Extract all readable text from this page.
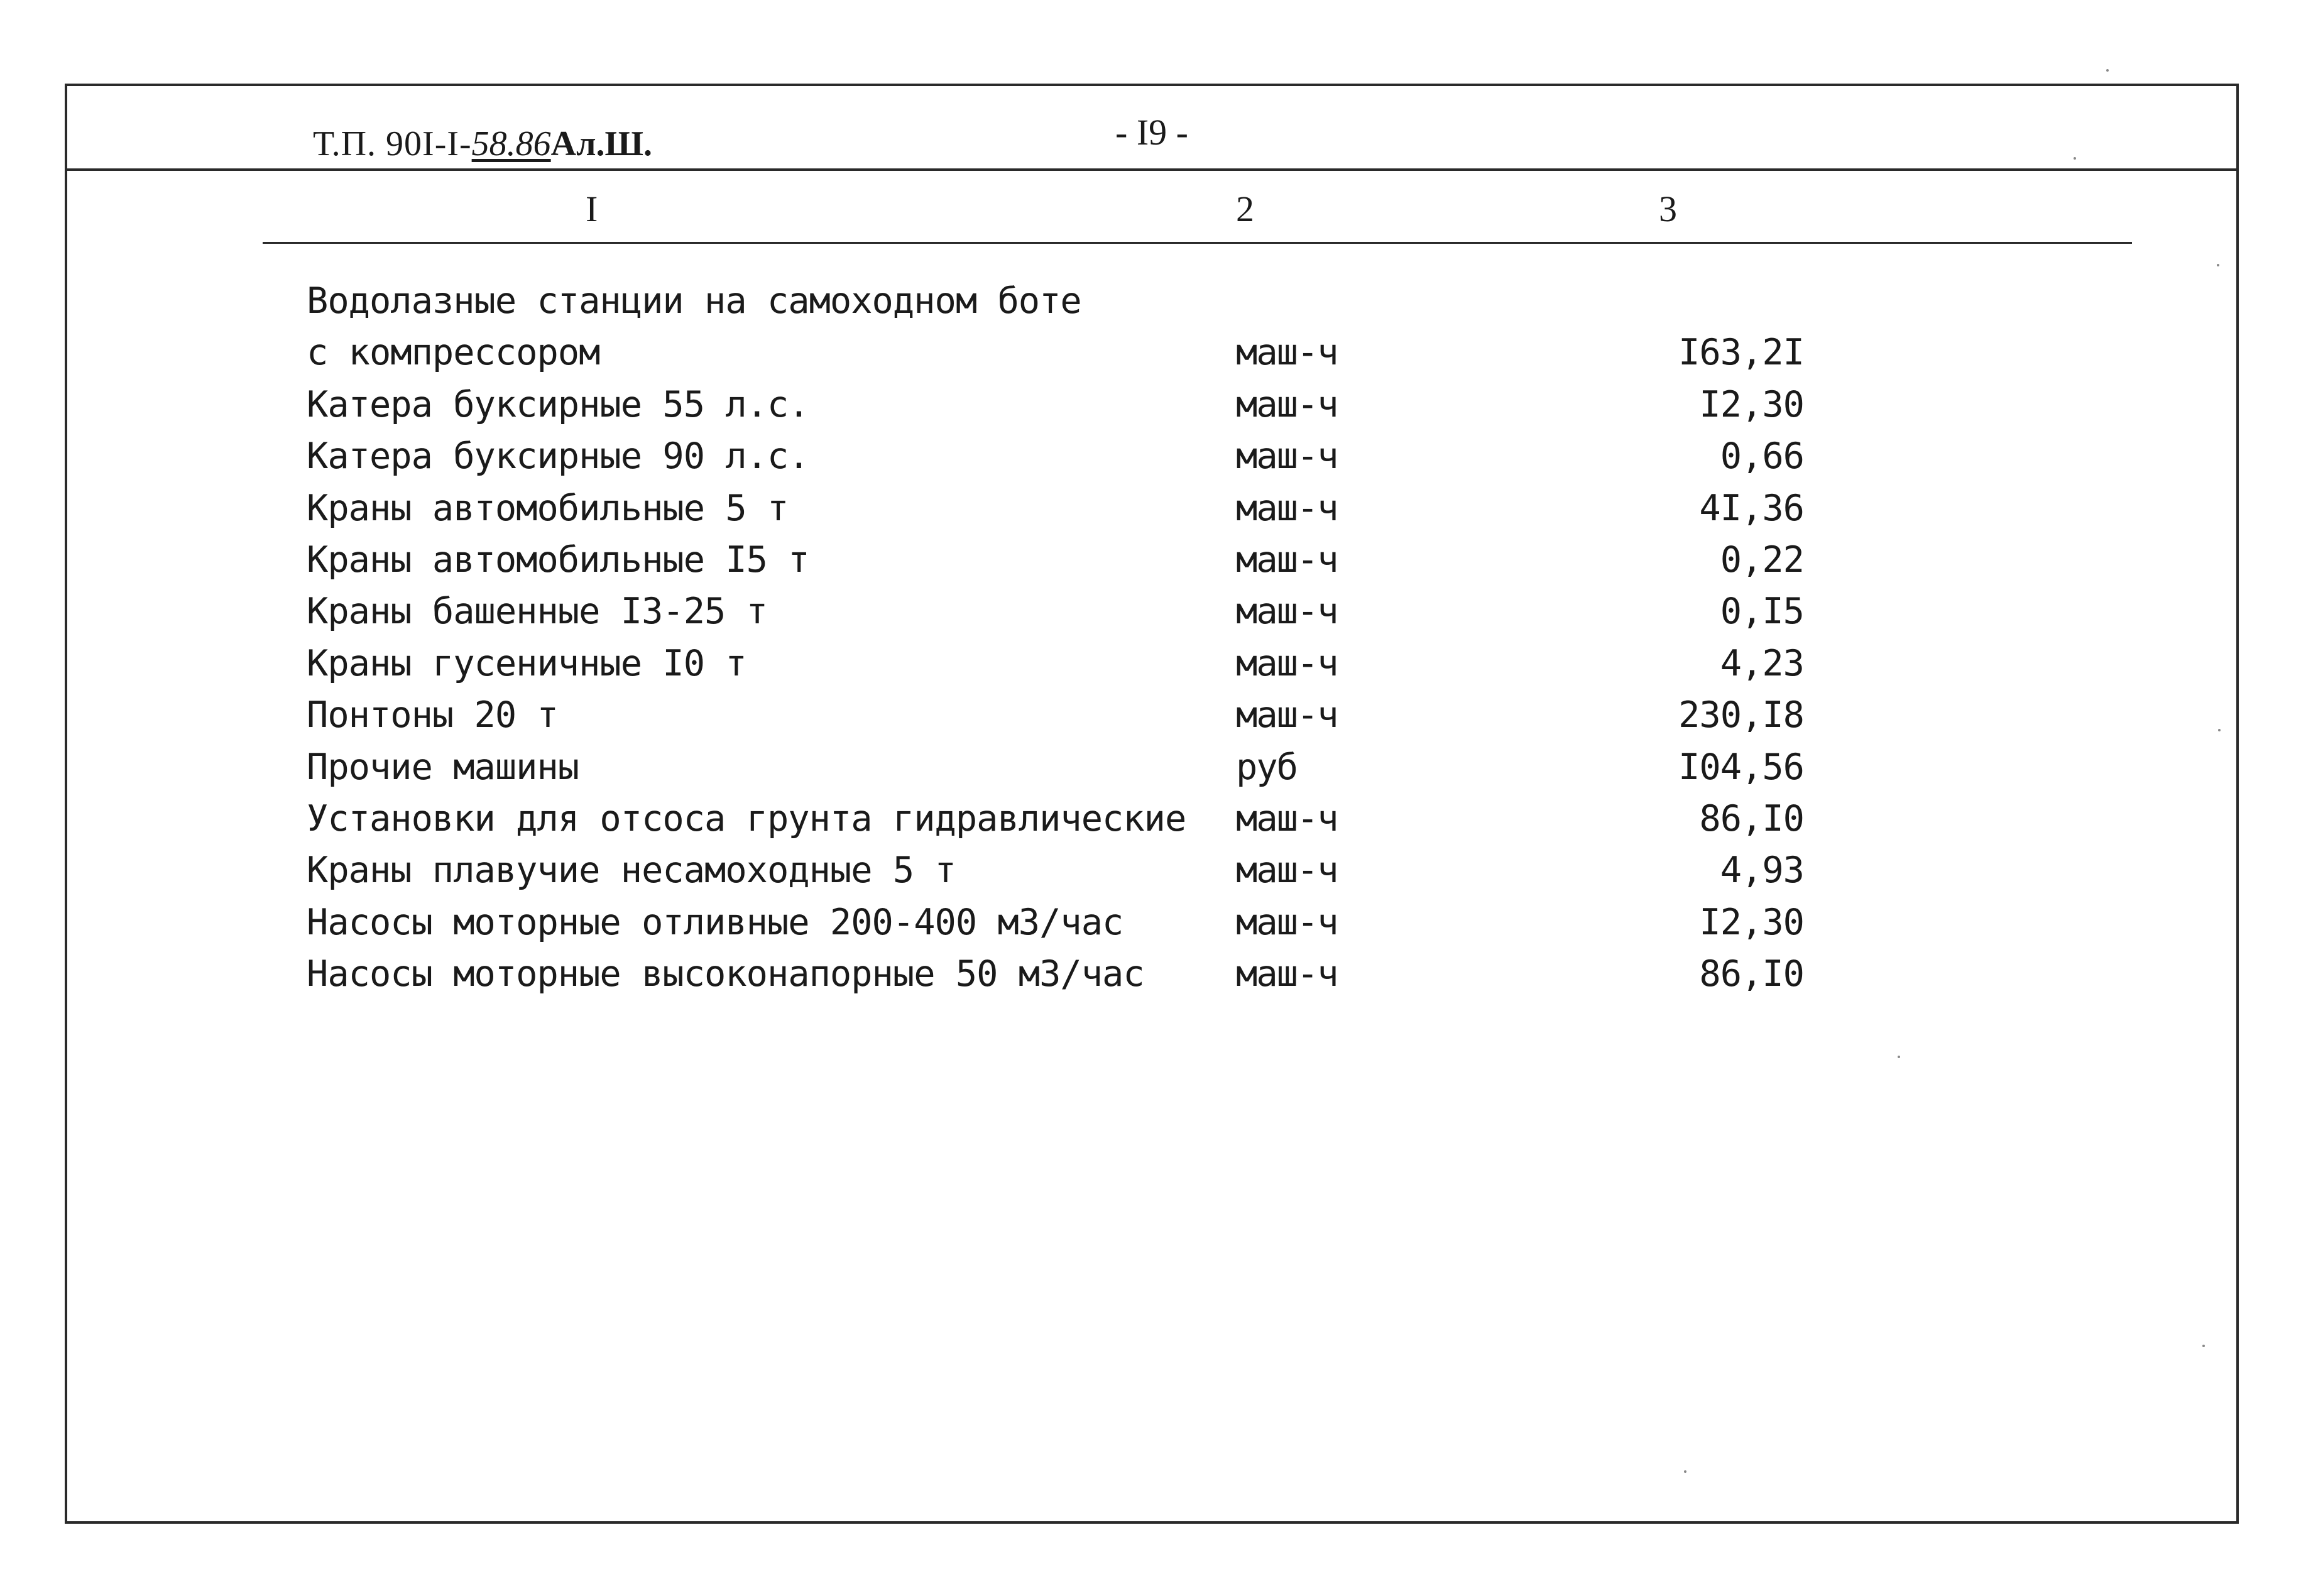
Т.П. 90I-I-58.86Ал.Ш.	- I9 -
I	2	3
Водолазные станции на самоходном боте
с компрессором	маш-ч	I63,2I
Катера буксирные 55 л.с.	маш-ч	I2,30
Катера буксирные 90 л.с.	маш-ч	0,66
Краны автомобильные 5 т	маш-ч	4I,36
Краны автомобильные I5 т	маш-ч	0,22
Краны башенные I3-25 т	маш-ч	0,I5
Краны гусеничные I0 т	маш-ч	4,23
Понтоны 20 т	маш-ч	230,I8
Прочие машины	руб	I04,56
Установки для отсоса грунта гидравлические маш-ч	86,I0
Краны плавучие несамоходные 5 т	маш-ч	4,93
Насосы моторные отливные 200-400 м3/час	маш-ч	I2,30
Насосы моторные высоконапорные 50 м3/час	маш-ч	86,I0
